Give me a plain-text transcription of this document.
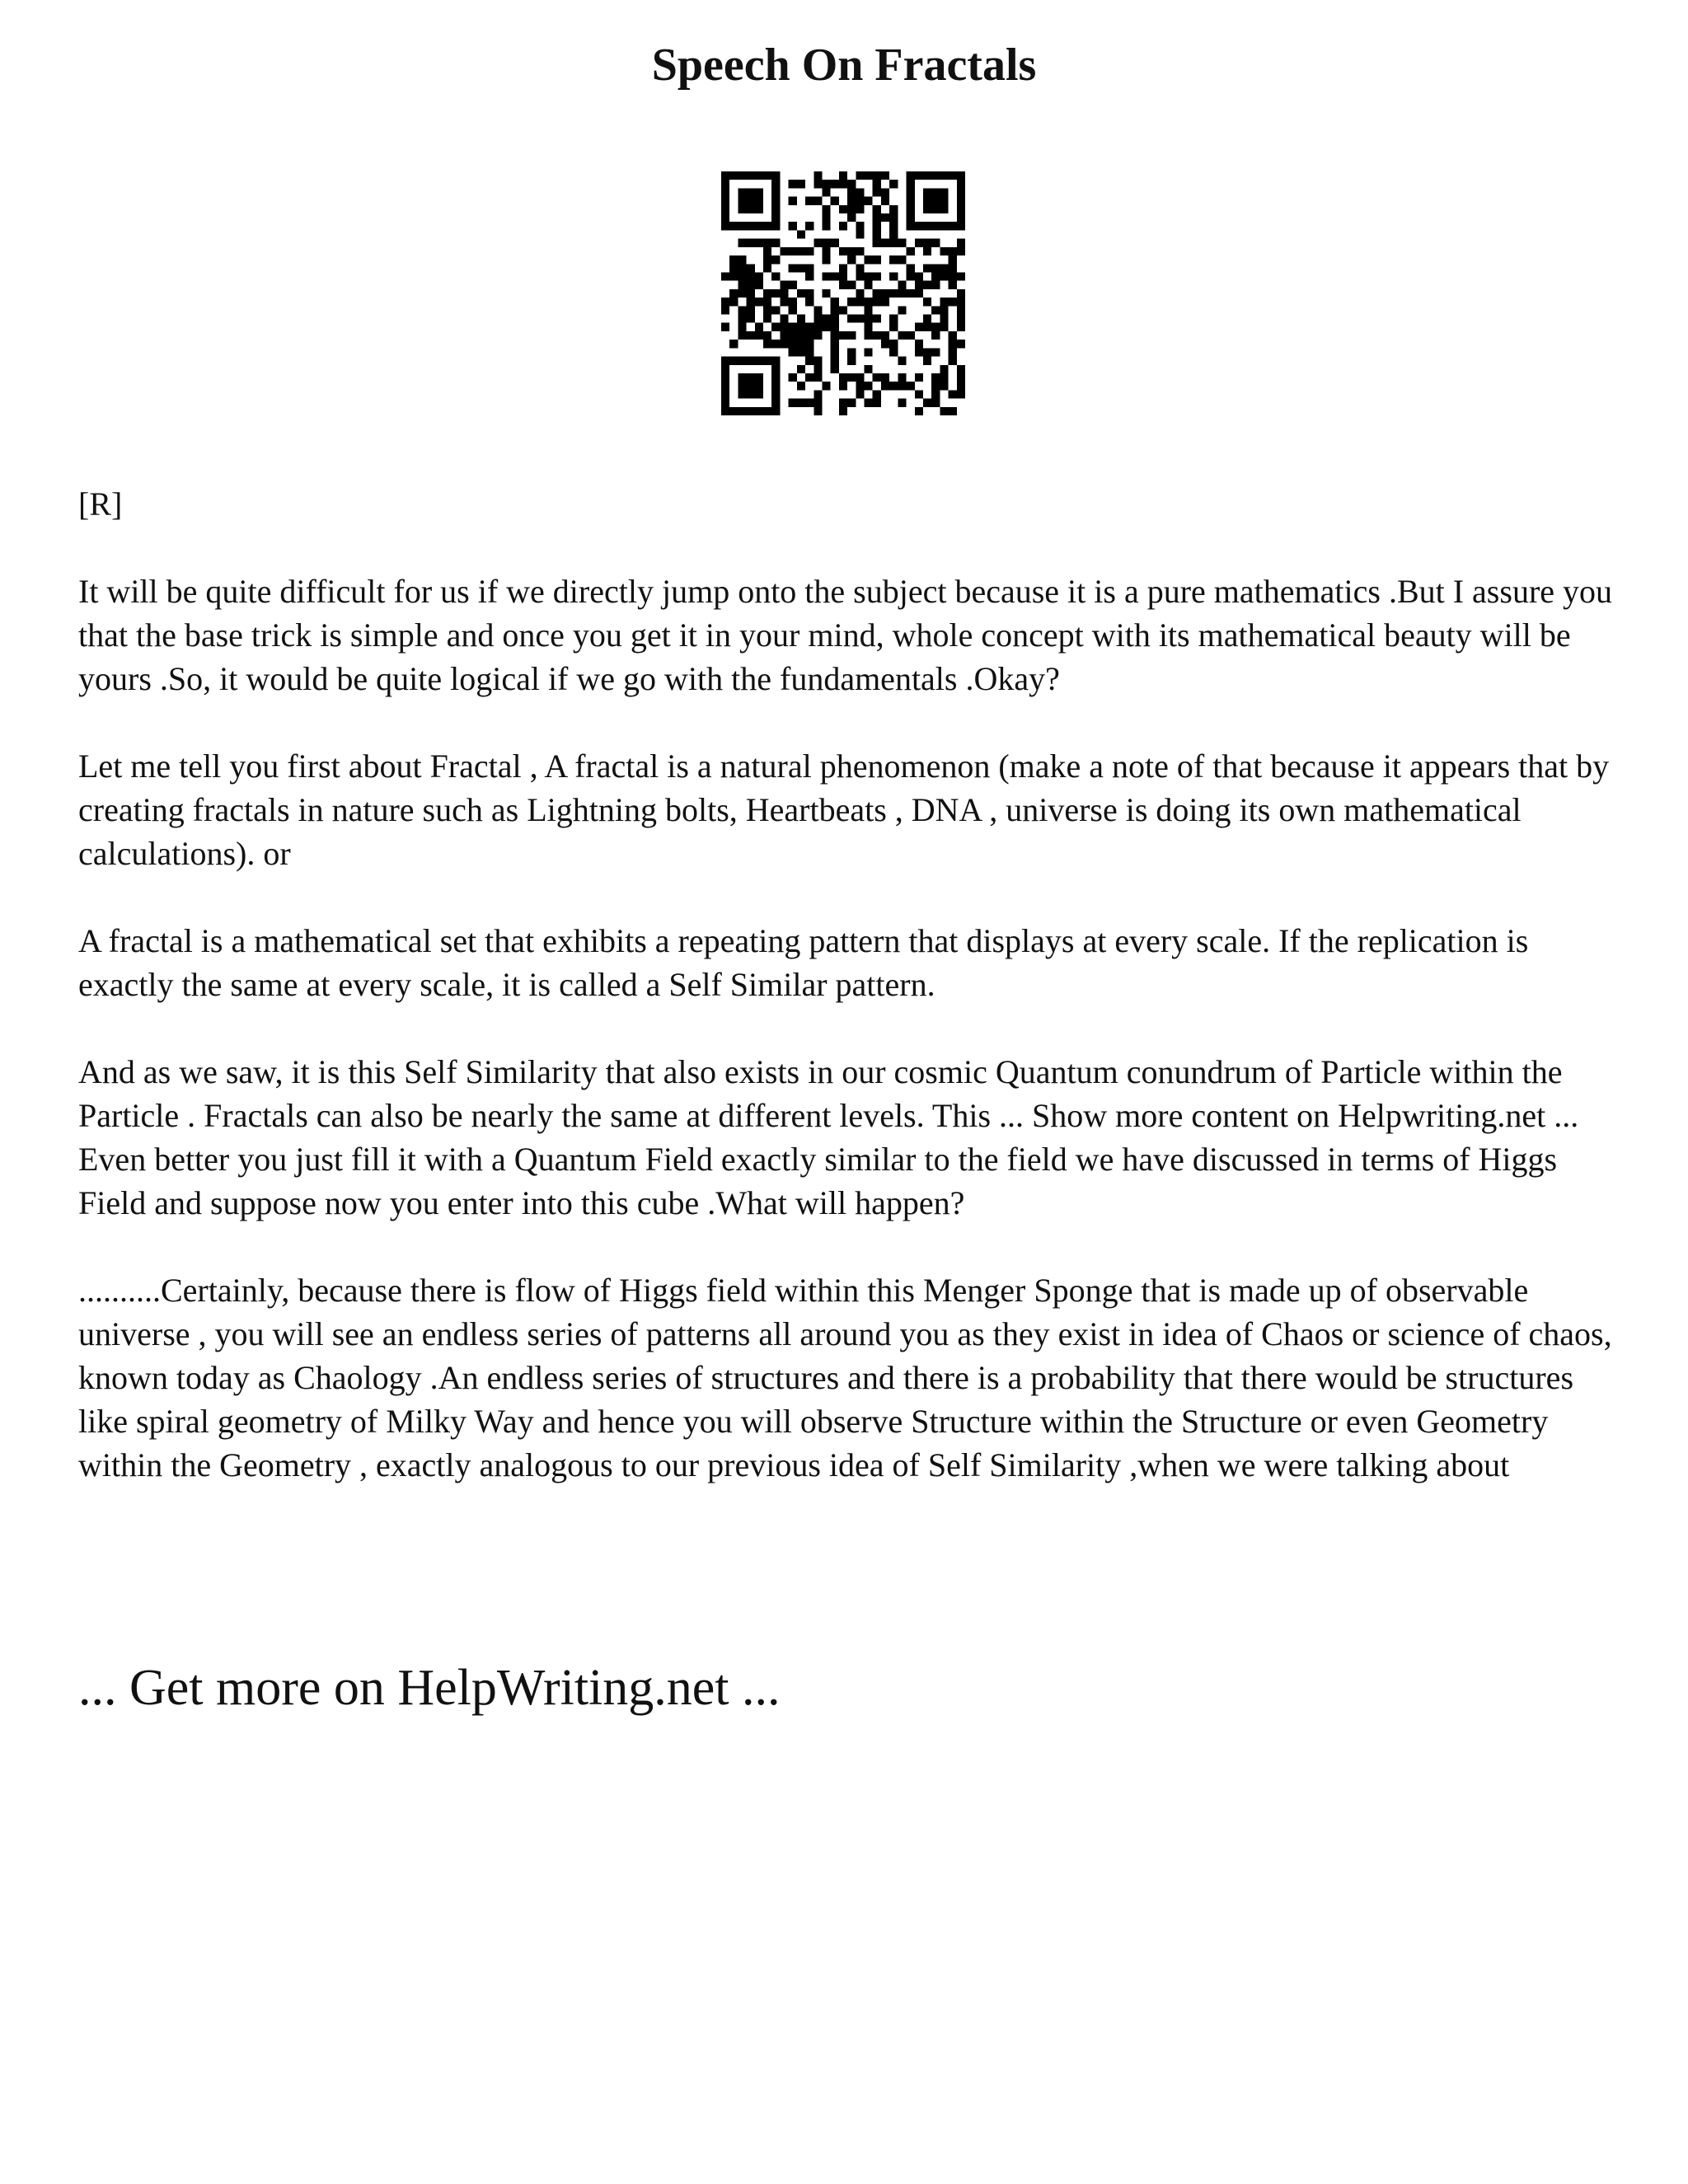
Speech On Fractals

[R]

It will be quite difficult for us if we directly jump onto the subject because it is a pure mathematics .But I assure you that the base trick is simple and once you get it in your mind, whole concept with its mathematical beauty will be yours .So, it would be quite logical if we go with the fundamentals .Okay?

Let me tell you first about Fractal , A fractal is a natural phenomenon (make a note of that because it appears that by creating fractals in nature such as Lightning bolts, Heartbeats , DNA , universe is doing its own mathematical calculations). or

A fractal is a mathematical set that exhibits a repeating pattern that displays at every scale. If the replication is exactly the same at every scale, it is called a Self Similar pattern.

And as we saw, it is this Self Similarity that also exists in our cosmic Quantum conundrum of Particle within the Particle . Fractals can also be nearly the same at different levels. This ... Show more content on Helpwriting.net ...

Even better you just fill it with a Quantum Field exactly similar to the field we have discussed in terms of Higgs Field and suppose now you enter into this cube .What will happen?

..........Certainly, because there is flow of Higgs field within this Menger Sponge that is made up of observable universe , you will see an endless series of patterns all around you as they exist in idea of Chaos or science of chaos, known today as Chaology .An endless series of structures and there is a probability that there would be structures like spiral geometry of Milky Way and hence you will observe Structure within the Structure or even Geometry within the Geometry , exactly analogous to our previous idea of Self Similarity ,when we were talking about

... Get more on HelpWriting.net ...
